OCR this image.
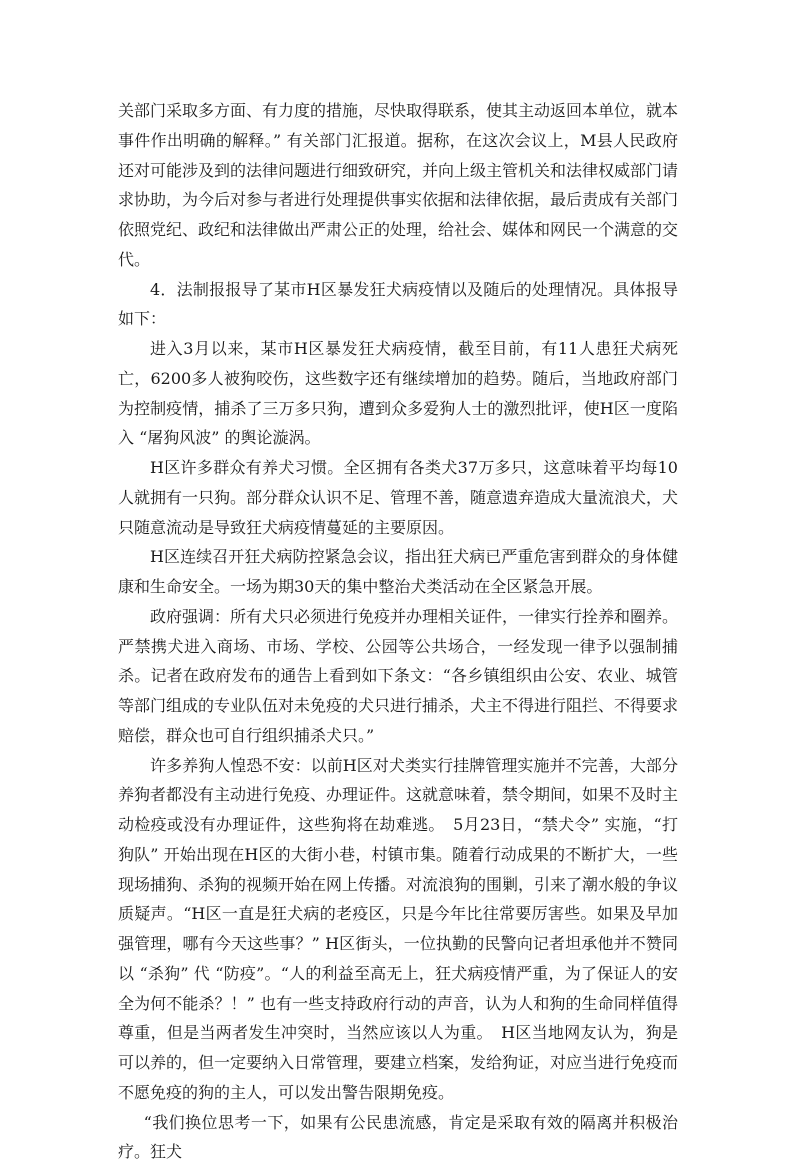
关部门采取多方面、有力度的措施，尽快取得联系，使其主动返回本单位，就本事件作出明确的解释。” 有关部门汇报道。据称，在这次会议上，M县人民政府还对可能涉及到的法律问题进行细致研究，并向上级主管机关和法律权威部门请求协助，为今后对参与者进行处理提供事实依据和法律依据，最后责成有关部门依照党纪、政纪和法律做出严肃公正的处理，给社会、媒体和网民一个满意的交代。

4．法制报报导了某市H区暴发狂犬病疫情以及随后的处理情况。具体报导如下：

进入3月以来，某市H区暴发狂犬病疫情，截至目前，有11人患狂犬病死亡，6200多人被狗咬伤，这些数字还有继续增加的趋势。随后，当地政府部门为控制疫情，捕杀了三万多只狗，遭到众多爱狗人士的激烈批评，使H区一度陷入 “屠狗风波” 的舆论漩涡。

H区许多群众有养犬习惯。全区拥有各类犬37万多只，这意味着平均每10人就拥有一只狗。部分群众认识不足、管理不善，随意遗弃造成大量流浪犬，犬只随意流动是导致狂犬病疫情蔓延的主要原因。

H区连续召开狂犬病防控紧急会议，指出狂犬病已严重危害到群众的身体健康和生命安全。一场为期30天的集中整治犬类活动在全区紧急开展。

政府强调：所有犬只必须进行免疫并办理相关证件，一律实行拴养和圈养。严禁携犬进入商场、市场、学校、公园等公共场合，一经发现一律予以强制捕杀。记者在政府发布的通告上看到如下条文：“各乡镇组织由公安、农业、城管等部门组成的专业队伍对未免疫的犬只进行捕杀，犬主不得进行阻拦、不得要求赔偿，群众也可自行组织捕杀犬只。”

许多养狗人惶恐不安：以前H区对犬类实行挂牌管理实施并不完善，大部分养狗者都没有主动进行免疫、办理证件。这就意味着，禁令期间，如果不及时主动检疫或没有办理证件，这些狗将在劫难逃。　5月23日，“禁犬令” 实施，“打狗队” 开始出现在H区的大街小巷，村镇市集。随着行动成果的不断扩大，一些现场捕狗、杀狗的视频开始在网上传播。对流浪狗的围剿，引来了潮水般的争议质疑声。“H区一直是狂犬病的老疫区，只是今年比往常要厉害些。如果及早加强管理，哪有今天这些事？” H区街头，一位执勤的民警向记者坦承他并不赞同以 “杀狗” 代 “防疫”。“人的利益至高无上，狂犬病疫情严重，为了保证人的安全为何不能杀？！” 也有一些支持政府行动的声音，认为人和狗的生命同样值得尊重，但是当两者发生冲突时，当然应该以人为重。　H区当地网友认为，狗是可以养的，但一定要纳入日常管理，要建立档案，发给狗证，对应当进行免疫而不愿免疫的狗的主人，可以发出警告限期免疫。

“我们换位思考一下，如果有公民患流感，肯定是采取有效的隔离并积极治疗。狂犬
